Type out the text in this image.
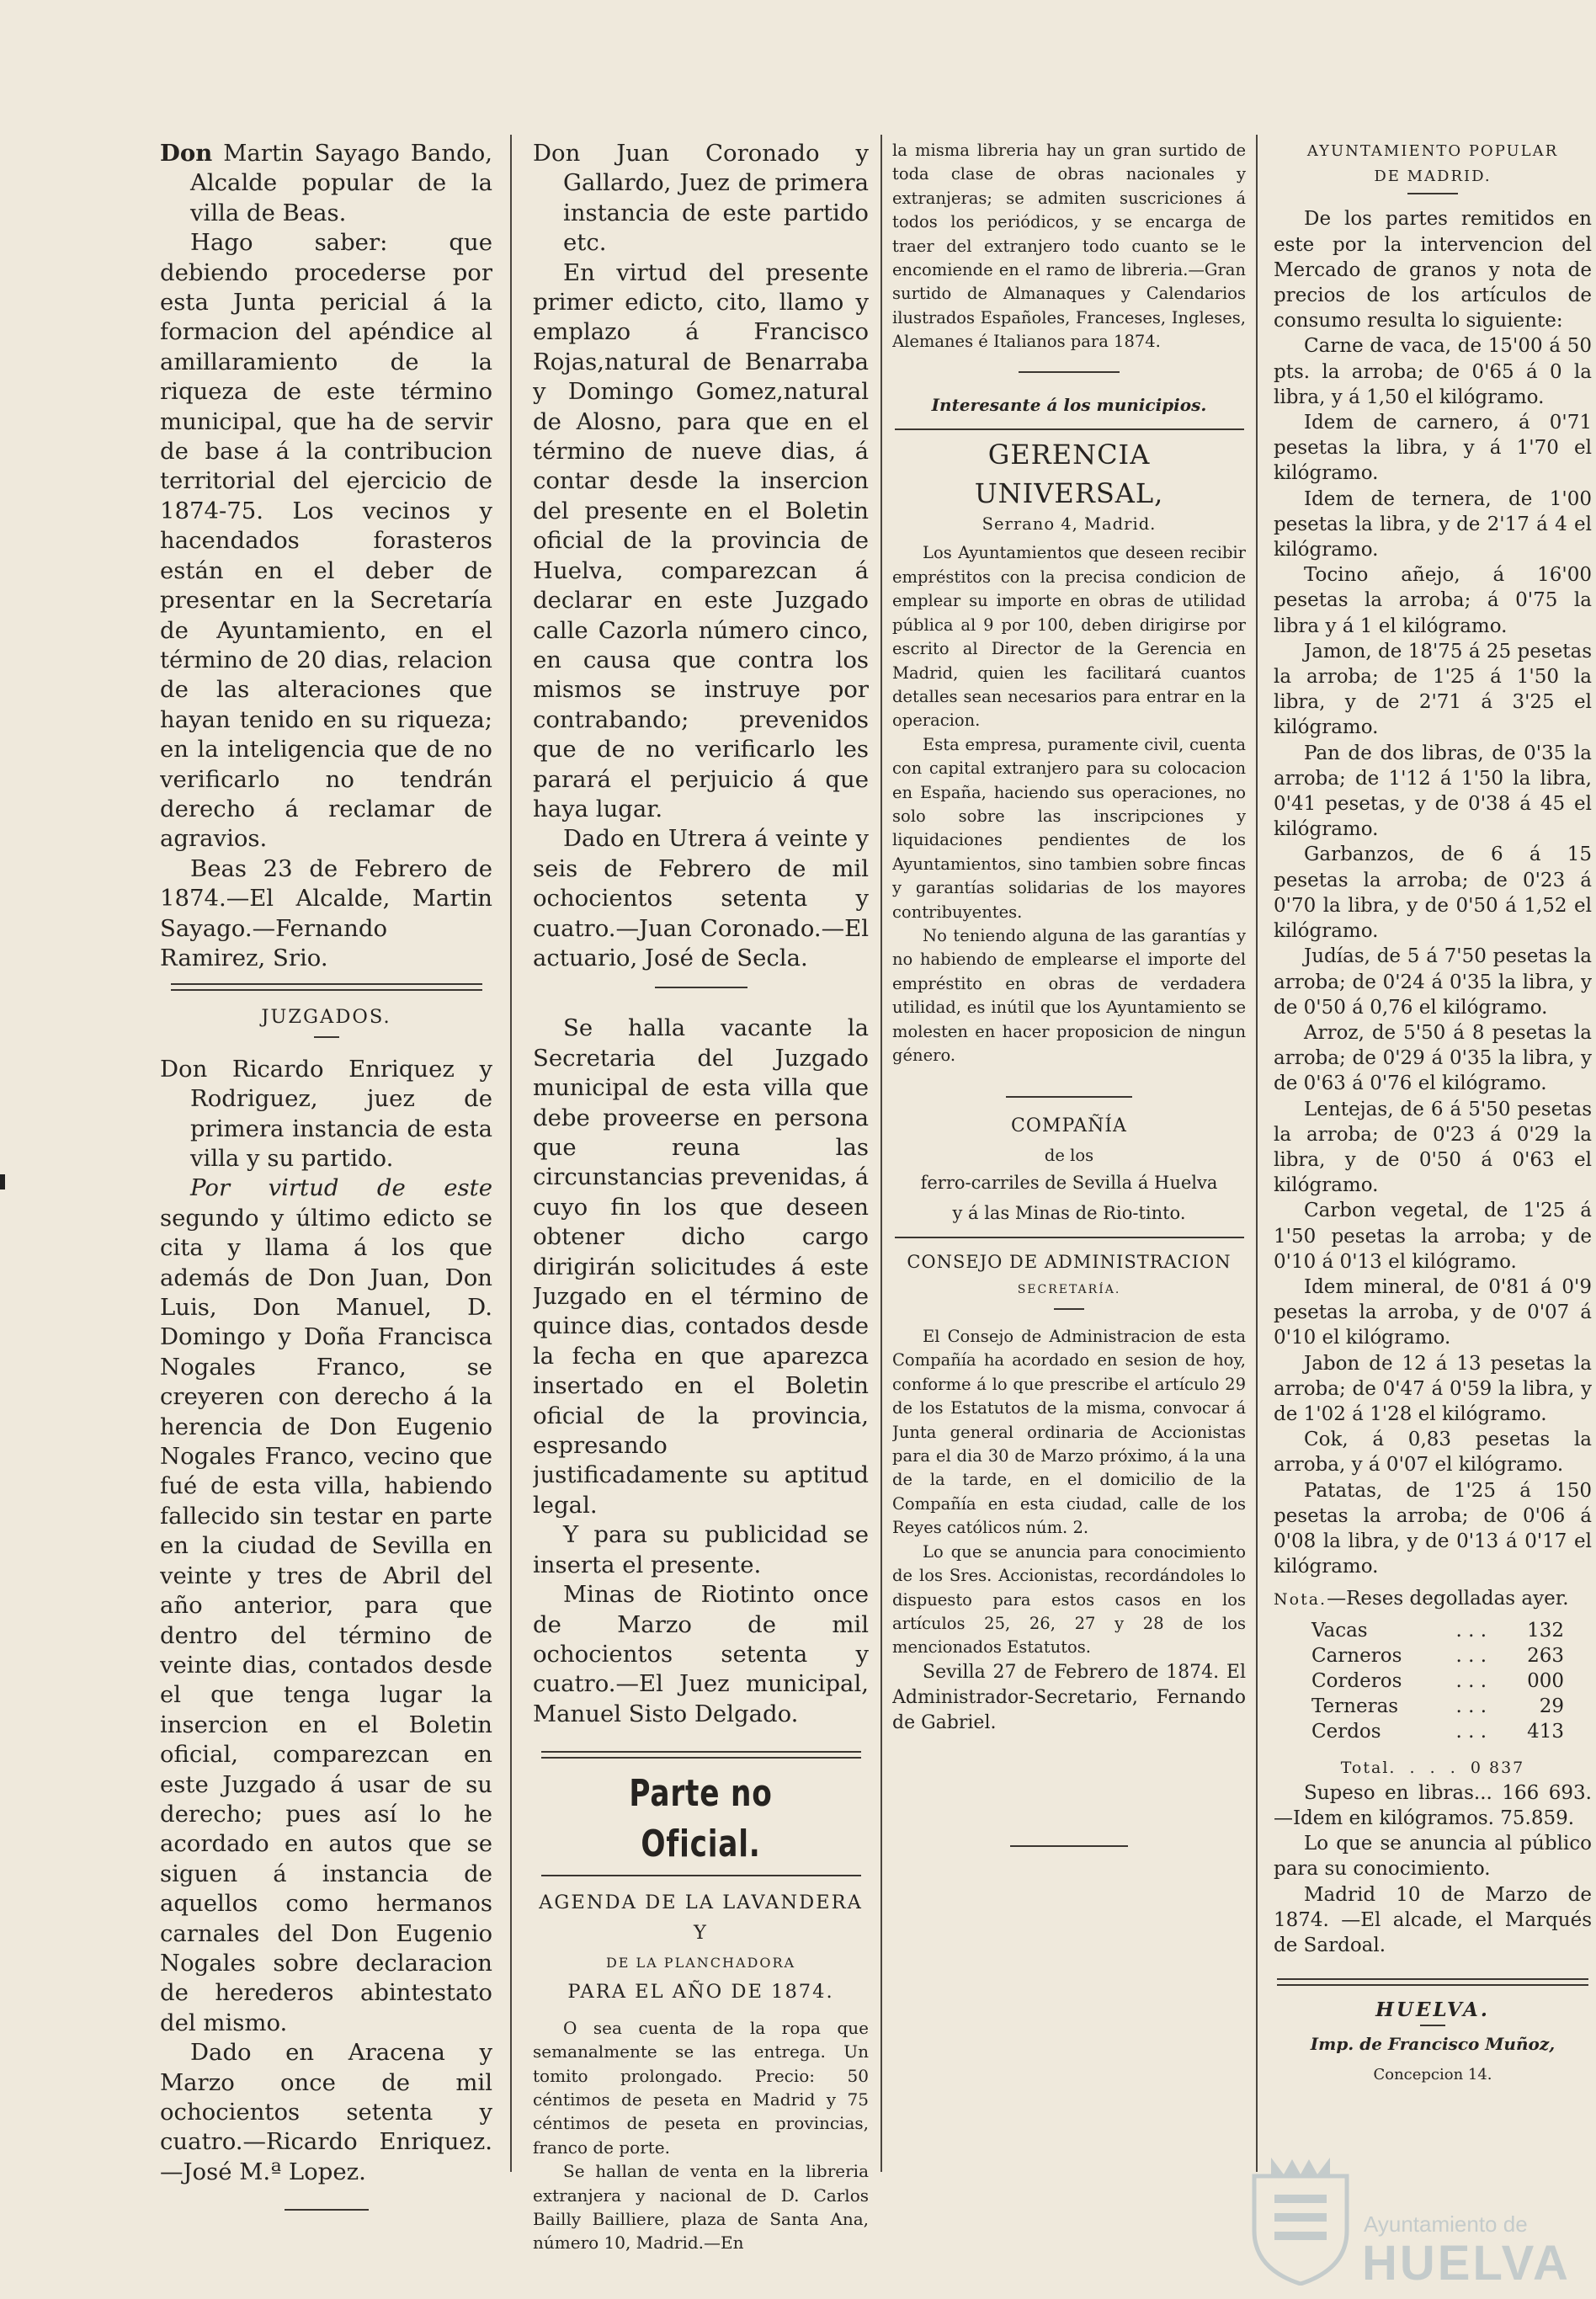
Don Martin Sayago Bando, Alcalde popular de la villa de Beas.

Hago saber: que debiendo procederse por esta Junta pericial á la formacion del apéndice al amillaramiento de la riqueza de este término municipal, que ha de servir de base á la contribucion territorial del ejercicio de 1874-75. Los vecinos y hacendados forasteros están en el deber de presentar en la Secretaría de Ayuntamiento, en el término de 20 dias, relacion de las alteraciones que hayan tenido en su riqueza; en la inteligencia que de no verificarlo no tendrán derecho á reclamar de agravios.

Beas 23 de Febrero de 1874.—El Alcalde, Martin Sayago.—Fernando Ramirez, Srio.

JUZGADOS.

Don Ricardo Enriquez y Rodriguez, juez de primera instancia de esta villa y su partido.

Por virtud de este segundo y último edicto se cita y llama á los que además de Don Juan, Don Luis, Don Manuel, D. Domingo y Doña Francisca Nogales Franco, se creyeren con derecho á la herencia de Don Eugenio Nogales Franco, vecino que fué de esta villa, habiendo fallecido sin testar en parte en la ciudad de Sevilla en veinte y tres de Abril del año anterior, para que dentro del término de veinte dias, contados desde el que tenga lugar la insercion en el Boletin oficial, comparezcan en este Juzgado á usar de su derecho; pues así lo he acordado en autos que se siguen á instancia de aquellos como hermanos carnales del Don Eugenio Nogales sobre declaracion de herederos abintestato del mismo.

Dado en Aracena y Marzo once de mil ochocientos setenta y cuatro.—Ricardo Enriquez.—José M.ª Lopez.

Don Juan Coronado y Gallardo, Juez de primera instancia de este partido etc.

En virtud del presente primer edicto, cito, llamo y emplazo á Francisco Rojas,natural de Benarraba y Domingo Gomez,natural de Alosno, para que en el término de nueve dias, á contar desde la insercion del presente en el Boletin oficial de la provincia de Huelva, comparezcan á declarar en este Juzgado calle Cazorla número cinco, en causa que contra los mismos se instruye por contrabando; prevenidos que de no verificarlo les parará el perjuicio á que haya lugar.

Dado en Utrera á veinte y seis de Febrero de mil ochocientos setenta y cuatro.—Juan Coronado.—El actuario, José de Secla.

Se halla vacante la Secretaria del Juzgado municipal de esta villa que debe proveerse en persona que reuna las circunstancias prevenidas, á cuyo fin los que deseen obtener dicho cargo dirigirán solicitudes á este Juzgado en el término de quince dias, contados desde la fecha en que aparezca insertado en el Boletin oficial de la provincia, espresando justificadamente su aptitud legal.

Y para su publicidad se inserta el presente.

Minas de Riotinto once de Marzo de mil ochocientos setenta y cuatro.—El Juez municipal, Manuel Sisto Delgado.

Parte no Oficial.
AGENDA DE LA LAVANDERA Y
DE LA PLANCHADORA
PARA EL AÑO DE 1874.

O sea cuenta de la ropa que semanalmente se las entrega. Un tomito prolongado. Precio: 50 céntimos de peseta en Madrid y 75 céntimos de peseta en provincias, franco de porte.

Se hallan de venta en la libreria extranjera y nacional de D. Carlos Bailly Bailliere, plaza de Santa Ana, número 10, Madrid.—En

la misma libreria hay un gran surtido de toda clase de obras nacionales y extranjeras; se admiten suscriciones á todos los periódicos, y se encarga de traer del extranjero todo cuanto se le encomiende en el ramo de libreria.—Gran surtido de Almanaques y Calendarios ilustrados Españoles, Franceses, Ingleses, Alemanes é Italianos para 1874.

Interesante á los municipios.
GERENCIA UNIVERSAL,
Serrano 4, Madrid.

Los Ayuntamientos que deseen recibir empréstitos con la precisa condicion de emplear su importe en obras de utilidad pública al 9 por 100, deben dirigirse por escrito al Director de la Gerencia en Madrid, quien les facilitará cuantos detalles sean necesarios para entrar en la operacion.

Esta empresa, puramente civil, cuenta con capital extranjero para su colocacion en España, haciendo sus operaciones, no solo sobre las inscripciones y liquidaciones pendientes de los Ayuntamientos, sino tambien sobre fincas y garantías solidarias de los mayores contribuyentes.

No teniendo alguna de las garantías y no habiendo de emplearse el importe del empréstito en obras de verdadera utilidad, es inútil que los Ayuntamiento se molesten en hacer proposicion de ningun género.

COMPAÑÍA
de los
ferro-carriles de Sevilla á Huelva
y á las Minas de Rio-tinto.
CONSEJO DE ADMINISTRACION
SECRETARÍA.

El Consejo de Administracion de esta Compañía ha acordado en sesion de hoy, conforme á lo que prescribe el artículo 29 de los Estatutos de la misma, convocar á Junta general ordinaria de Accionistas para el dia 30 de Marzo próximo, á la una de la tarde, en el domicilio de la Compañía en esta ciudad, calle de los Reyes católicos núm. 2.

Lo que se anuncia para conocimiento de los Sres. Accionistas, recordándoles lo dispuesto para estos casos en los artículos 25, 26, 27 y 28 de los mencionados Estatutos.

Sevilla 27 de Febrero de 1874. El Administrador-Secretario, Fernando de Gabriel.

AYUNTAMIENTO POPULAR
DE MADRID.

De los partes remitidos en este por la intervencion del Mercado de granos y nota de precios de los artículos de consumo resulta lo siguiente:

Carne de vaca, de 15'00 á 50 pts. la arroba; de 0'65 á 0 la libra, y á 1,50 el kilógramo.

Idem de carnero, á 0'71 pesetas la libra, y á 1'70 el kilógramo.

Idem de ternera, de 1'00 pesetas la libra, y de 2'17 á 4 el kilógramo.

Tocino añejo, á 16'00 pesetas la arroba; á 0'75 la libra y á 1 el kilógramo.

Jamon, de 18'75 á 25 pesetas la arroba; de 1'25 á 1'50 la libra, y de 2'71 á 3'25 el kilógramo.

Pan de dos libras, de 0'35 la arroba; de 1'12 á 1'50 la libra, 0'41 pesetas, y de 0'38 á 45 el kilógramo.

Garbanzos, de 6 á 15 pesetas la arroba; de 0'23 á 0'70 la libra, y de 0'50 á 1,52 el kilógramo.

Judías, de 5 á 7'50 pesetas la arroba; de 0'24 á 0'35 la libra, y de 0'50 á 0,76 el kilógramo.

Arroz, de 5'50 á 8 pesetas la arroba; de 0'29 á 0'35 la libra, y de 0'63 á 0'76 el kilógramo.

Lentejas, de 6 á 5'50 pesetas la arroba; de 0'23 á 0'29 la libra, y de 0'50 á 0'63 el kilógramo.

Carbon vegetal, de 1'25 á 1'50 pesetas la arroba; y de 0'10 á 0'13 el kilógramo.

Idem mineral, de 0'81 á 0'9 pesetas la arroba, y de 0'07 á 0'10 el kilógramo.

Jabon de 12 á 13 pesetas la arroba; de 0'47 á 0'59 la libra, y de 1'02 á 1'28 el kilógramo.

Cok, á 0,83 pesetas la arroba, y á 0'07 el kilógramo.

Patatas, de 1'25 á 150 pesetas la arroba; de 0'06 á 0'08 la libra, y de 0'13 á 0'17 el kilógramo.

Nota.—Reses degolladas ayer.

Vacas	. . .	132
Carneros	. . .	263
Corderos	. . .	000
Terneras	. . .	29
Cerdos	. . .	413
Total.  .  .  .  0 837

Supeso en libras... 166 693.—Idem en kilógramos. 75.859.

Lo que se anuncia al público para su conocimiento.

Madrid 10 de Marzo de 1874. —El alcade, el Marqués de Sardoal.

HUELVA.
Imp. de Francisco Muñoz,
Concepcion 14.
Ayuntamiento de
HUELVA
